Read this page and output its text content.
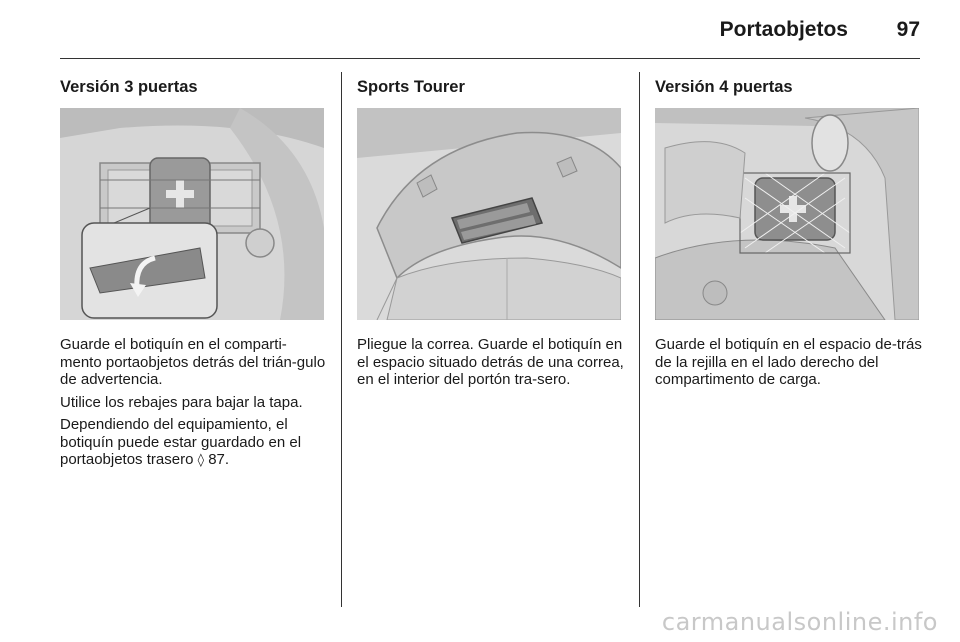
Portaobjetos 97
Versión 3 puertas

Guarde el botiquín en el comparti-mento portaobjetos detrás del trián-gulo de advertencia.

Utilice los rebajes para bajar la tapa.

Dependiendo del equipamiento, el botiquín puede estar guardado en el portaobjetos trasero ◊ 87.

Sports Tourer

Pliegue la correa. Guarde el botiquín en el espacio situado detrás de una correa, en el interior del portón tra-sero.

Versión 4 puertas

Guarde el botiquín en el espacio de-trás de la rejilla en el lado derecho del compartimento de carga.

carmanualsonline.info
